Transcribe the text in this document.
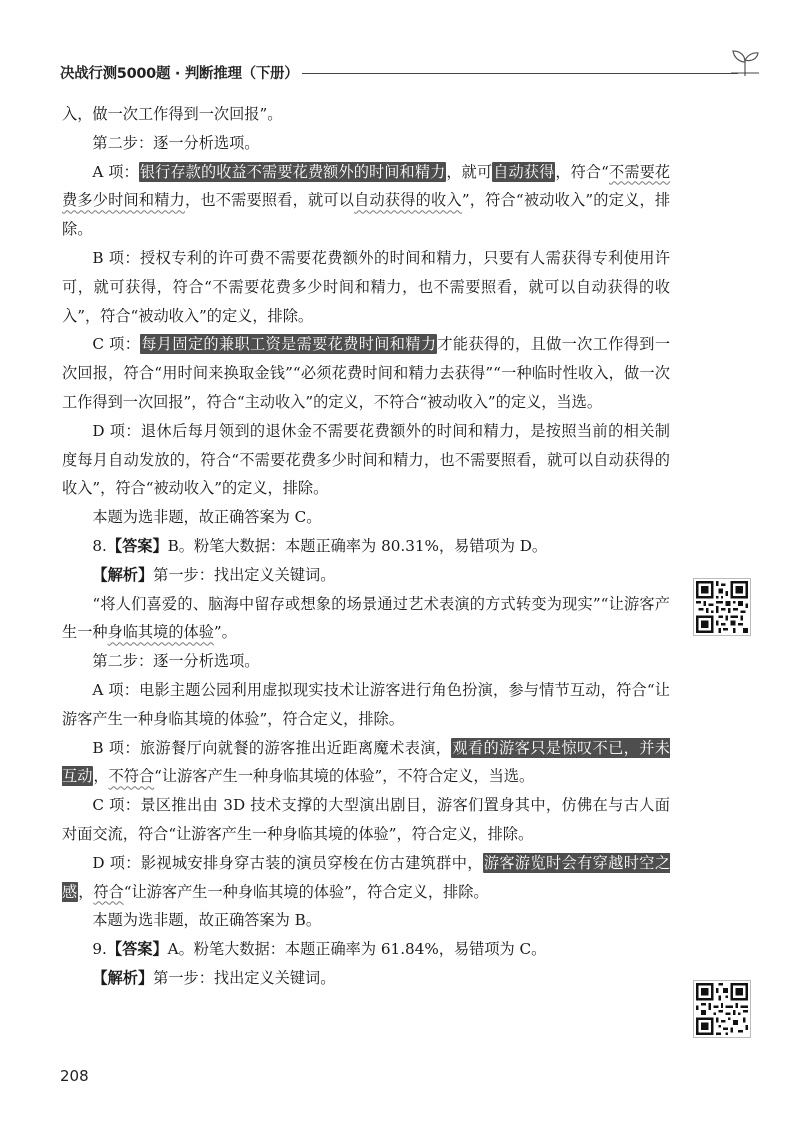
决战行测5000题 · 判断推理（下册）

入，做一次工作得到一次回报”。

第二步：逐一分析选项。

A 项：银行存款的收益不需要花费额外的时间和精力，就可自动获得，符合“不需要花费多少时间和精力，也不需要照看，就可以自动获得的收入”，符合“被动收入”的定义，排除。

B 项：授权专利的许可费不需要花费额外的时间和精力，只要有人需获得专利使用许可，就可获得，符合“不需要花费多少时间和精力，也不需要照看，就可以自动获得的收入”，符合“被动收入”的定义，排除。

C 项：每月固定的兼职工资是需要花费时间和精力才能获得的，且做一次工作得到一次回报，符合“用时间来换取金钱”“必须花费时间和精力去获得”“一种临时性收入，做一次工作得到一次回报”，符合“主动收入”的定义，不符合“被动收入”的定义，当选。

D 项：退休后每月领到的退休金不需要花费额外的时间和精力，是按照当前的相关制度每月自动发放的，符合“不需要花费多少时间和精力，也不需要照看，就可以自动获得的收入”，符合“被动收入”的定义，排除。

本题为选非题，故正确答案为 C。

8.【答案】B。粉笔大数据：本题正确率为 80.31%，易错项为 D。

【解析】第一步：找出定义关键词。

“将人们喜爱的、脑海中留存或想象的场景通过艺术表演的方式转变为现实”“让游客产生一种身临其境的体验”。

第二步：逐一分析选项。

A 项：电影主题公园利用虚拟现实技术让游客进行角色扮演，参与情节互动，符合“让游客产生一种身临其境的体验”，符合定义，排除。

B 项：旅游餐厅向就餐的游客推出近距离魔术表演，观看的游客只是惊叹不已，并未互动，不符合“让游客产生一种身临其境的体验”，不符合定义，当选。

C 项：景区推出由 3D 技术支撑的大型演出剧目，游客们置身其中，仿佛在与古人面对面交流，符合“让游客产生一种身临其境的体验”，符合定义，排除。

D 项：影视城安排身穿古装的演员穿梭在仿古建筑群中，游客游览时会有穿越时空之感，符合“让游客产生一种身临其境的体验”，符合定义，排除。

本题为选非题，故正确答案为 B。

9.【答案】A。粉笔大数据：本题正确率为 61.84%，易错项为 C。

【解析】第一步：找出定义关键词。

208
